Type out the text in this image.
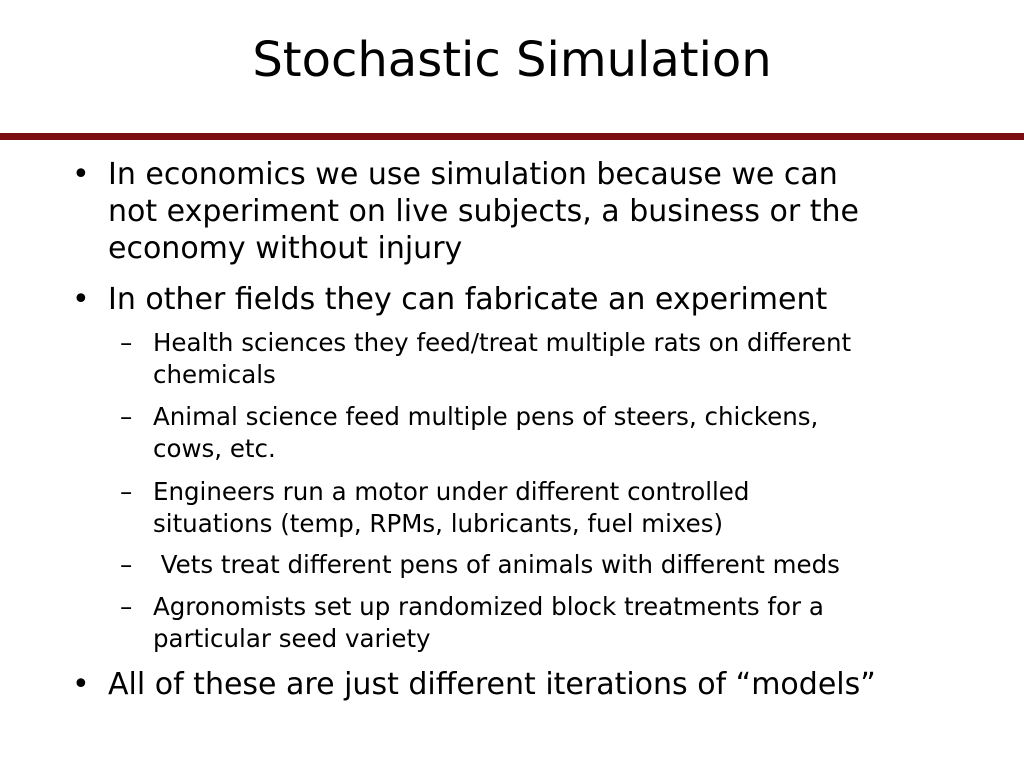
Stochastic Simulation
• In economics we use simulation because we can
not experiment on live subjects, a business or the
economy without injury
• In other fields they can fabricate an experiment
– Health sciences they feed/treat multiple rats on different
chemicals
– Animal science feed multiple pens of steers, chickens,
cows, etc.
– Engineers run a motor under different controlled
situations (temp, RPMs, lubricants, fuel mixes)
– Vets treat different pens of animals with different meds
– Agronomists set up randomized block treatments for a
particular seed variety
• All of these are just different iterations of “models”
